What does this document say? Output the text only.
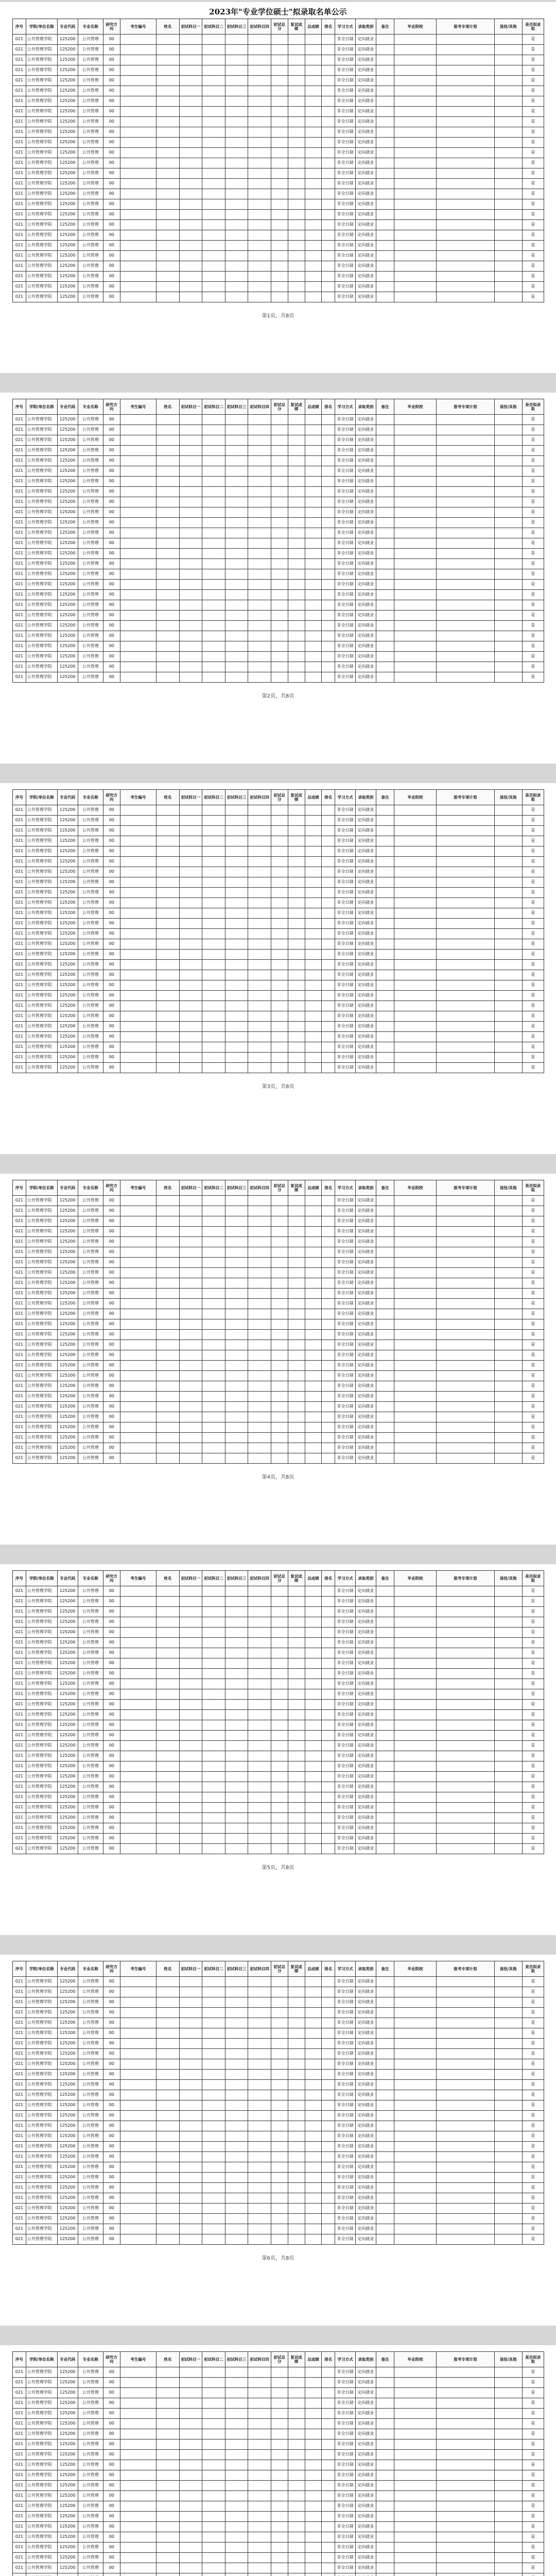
2023年"专业学位硕士"拟录取名单公示
序号	学院/单位名称	专业代码	专业名称	研究方向	考生编号	姓名	初试科目一	初试科目二	初试科目三	初试科目四	初试总分	复试成绩	总成绩	排名	学习方式	录取类别	备注	毕业院校	报考专项计划	退役/其他	是否拟录取
021	公共管理学院	125200	公共管理	00											非全日制	定向就业					是
021	公共管理学院	125200	公共管理	00											非全日制	定向就业					是
021	公共管理学院	125200	公共管理	00											非全日制	定向就业					是
021	公共管理学院	125200	公共管理	00											非全日制	定向就业					是
021	公共管理学院	125200	公共管理	00											非全日制	定向就业					是
021	公共管理学院	125200	公共管理	00											非全日制	定向就业					是
021	公共管理学院	125200	公共管理	00											非全日制	定向就业					是
021	公共管理学院	125200	公共管理	00											非全日制	定向就业					是
021	公共管理学院	125200	公共管理	00											非全日制	定向就业					是
021	公共管理学院	125200	公共管理	00											非全日制	定向就业					是
021	公共管理学院	125200	公共管理	00											非全日制	定向就业					是
021	公共管理学院	125200	公共管理	00											非全日制	定向就业					是
021	公共管理学院	125200	公共管理	00											非全日制	定向就业					是
021	公共管理学院	125200	公共管理	00											非全日制	定向就业					是
021	公共管理学院	125200	公共管理	00											非全日制	定向就业					是
021	公共管理学院	125200	公共管理	00											非全日制	定向就业					是
021	公共管理学院	125200	公共管理	00											非全日制	定向就业					是
021	公共管理学院	125200	公共管理	00											非全日制	定向就业					是
021	公共管理学院	125200	公共管理	00											非全日制	定向就业					是
021	公共管理学院	125200	公共管理	00											非全日制	定向就业					是
021	公共管理学院	125200	公共管理	00											非全日制	定向就业					是
021	公共管理学院	125200	公共管理	00											非全日制	定向就业					是
021	公共管理学院	125200	公共管理	00											非全日制	定向就业					是
021	公共管理学院	125200	公共管理	00											非全日制	定向就业					是
021	公共管理学院	125200	公共管理	00											非全日制	定向就业					是
021	公共管理学院	125200	公共管理	00											非全日制	定向就业					是
第1页，共8页
序号	学院/单位名称	专业代码	专业名称	研究方向	考生编号	姓名	初试科目一	初试科目二	初试科目三	初试科目四	初试总分	复试成绩	总成绩	排名	学习方式	录取类别	备注	毕业院校	报考专项计划	退役/其他	是否拟录取
021	公共管理学院	125200	公共管理	00											非全日制	定向就业					是
021	公共管理学院	125200	公共管理	00											非全日制	定向就业					是
021	公共管理学院	125200	公共管理	00											非全日制	定向就业					是
021	公共管理学院	125200	公共管理	00											非全日制	定向就业					是
021	公共管理学院	125200	公共管理	00											非全日制	定向就业					是
021	公共管理学院	125200	公共管理	00											非全日制	定向就业					是
021	公共管理学院	125200	公共管理	00											非全日制	定向就业					是
021	公共管理学院	125200	公共管理	00											非全日制	定向就业					是
021	公共管理学院	125200	公共管理	00											非全日制	定向就业					是
021	公共管理学院	125200	公共管理	00											非全日制	定向就业					是
021	公共管理学院	125200	公共管理	00											非全日制	定向就业					是
021	公共管理学院	125200	公共管理	00											非全日制	定向就业					是
021	公共管理学院	125200	公共管理	00											非全日制	定向就业					是
021	公共管理学院	125200	公共管理	00											非全日制	定向就业					是
021	公共管理学院	125200	公共管理	00											非全日制	定向就业					是
021	公共管理学院	125200	公共管理	00											非全日制	定向就业					是
021	公共管理学院	125200	公共管理	00											非全日制	定向就业					是
021	公共管理学院	125200	公共管理	00											非全日制	定向就业					是
021	公共管理学院	125200	公共管理	00											非全日制	定向就业					是
021	公共管理学院	125200	公共管理	00											非全日制	定向就业					是
021	公共管理学院	125200	公共管理	00											非全日制	定向就业					是
021	公共管理学院	125200	公共管理	00											非全日制	定向就业					是
021	公共管理学院	125200	公共管理	00											非全日制	定向就业					是
021	公共管理学院	125200	公共管理	00											非全日制	定向就业					是
021	公共管理学院	125200	公共管理	00											非全日制	定向就业					是
021	公共管理学院	125200	公共管理	00											非全日制	定向就业					是
第2页，共8页
序号	学院/单位名称	专业代码	专业名称	研究方向	考生编号	姓名	初试科目一	初试科目二	初试科目三	初试科目四	初试总分	复试成绩	总成绩	排名	学习方式	录取类别	备注	毕业院校	报考专项计划	退役/其他	是否拟录取
021	公共管理学院	125200	公共管理	00											非全日制	定向就业					是
021	公共管理学院	125200	公共管理	00											非全日制	定向就业					是
021	公共管理学院	125200	公共管理	00											非全日制	定向就业					是
021	公共管理学院	125200	公共管理	00											非全日制	定向就业					是
021	公共管理学院	125200	公共管理	00											非全日制	定向就业					是
021	公共管理学院	125200	公共管理	00											非全日制	定向就业					是
021	公共管理学院	125200	公共管理	00											非全日制	定向就业					是
021	公共管理学院	125200	公共管理	00											非全日制	定向就业					是
021	公共管理学院	125200	公共管理	00											非全日制	定向就业					是
021	公共管理学院	125200	公共管理	00											非全日制	定向就业					是
021	公共管理学院	125200	公共管理	00											非全日制	定向就业					是
021	公共管理学院	125200	公共管理	00											非全日制	定向就业					是
021	公共管理学院	125200	公共管理	00											非全日制	定向就业					是
021	公共管理学院	125200	公共管理	00											非全日制	定向就业					是
021	公共管理学院	125200	公共管理	00											非全日制	定向就业					是
021	公共管理学院	125200	公共管理	00											非全日制	定向就业					是
021	公共管理学院	125200	公共管理	00											非全日制	定向就业					是
021	公共管理学院	125200	公共管理	00											非全日制	定向就业					是
021	公共管理学院	125200	公共管理	00											非全日制	定向就业					是
021	公共管理学院	125200	公共管理	00											非全日制	定向就业					是
021	公共管理学院	125200	公共管理	00											非全日制	定向就业					是
021	公共管理学院	125200	公共管理	00											非全日制	定向就业					是
021	公共管理学院	125200	公共管理	00											非全日制	定向就业					是
021	公共管理学院	125200	公共管理	00											非全日制	定向就业					是
021	公共管理学院	125200	公共管理	00											非全日制	定向就业					是
021	公共管理学院	125200	公共管理	00											非全日制	定向就业					是
第3页，共8页
序号	学院/单位名称	专业代码	专业名称	研究方向	考生编号	姓名	初试科目一	初试科目二	初试科目三	初试科目四	初试总分	复试成绩	总成绩	排名	学习方式	录取类别	备注	毕业院校	报考专项计划	退役/其他	是否拟录取
021	公共管理学院	125200	公共管理	00											非全日制	定向就业					是
021	公共管理学院	125200	公共管理	00											非全日制	定向就业					是
021	公共管理学院	125200	公共管理	00											非全日制	定向就业					是
021	公共管理学院	125200	公共管理	00											非全日制	定向就业					是
021	公共管理学院	125200	公共管理	00											非全日制	定向就业					是
021	公共管理学院	125200	公共管理	00											非全日制	定向就业					是
021	公共管理学院	125200	公共管理	00											非全日制	定向就业					是
021	公共管理学院	125200	公共管理	00											非全日制	定向就业					是
021	公共管理学院	125200	公共管理	00											非全日制	定向就业					是
021	公共管理学院	125200	公共管理	00											非全日制	定向就业					是
021	公共管理学院	125200	公共管理	00											非全日制	定向就业					是
021	公共管理学院	125200	公共管理	00											非全日制	定向就业					是
021	公共管理学院	125200	公共管理	00											非全日制	定向就业					是
021	公共管理学院	125200	公共管理	00											非全日制	定向就业					是
021	公共管理学院	125200	公共管理	00											非全日制	定向就业					是
021	公共管理学院	125200	公共管理	00											非全日制	定向就业					是
021	公共管理学院	125200	公共管理	00											非全日制	定向就业					是
021	公共管理学院	125200	公共管理	00											非全日制	定向就业					是
021	公共管理学院	125200	公共管理	00											非全日制	定向就业					是
021	公共管理学院	125200	公共管理	00											非全日制	定向就业					是
021	公共管理学院	125200	公共管理	00											非全日制	定向就业					是
021	公共管理学院	125200	公共管理	00											非全日制	定向就业					是
021	公共管理学院	125200	公共管理	00											非全日制	定向就业					是
021	公共管理学院	125200	公共管理	00											非全日制	定向就业					是
021	公共管理学院	125200	公共管理	00											非全日制	定向就业					是
021	公共管理学院	125200	公共管理	00											非全日制	定向就业					是
第4页，共8页
序号	学院/单位名称	专业代码	专业名称	研究方向	考生编号	姓名	初试科目一	初试科目二	初试科目三	初试科目四	初试总分	复试成绩	总成绩	排名	学习方式	录取类别	备注	毕业院校	报考专项计划	退役/其他	是否拟录取
021	公共管理学院	125200	公共管理	00											非全日制	定向就业					是
021	公共管理学院	125200	公共管理	00											非全日制	定向就业					是
021	公共管理学院	125200	公共管理	00											非全日制	定向就业					是
021	公共管理学院	125200	公共管理	00											非全日制	定向就业					是
021	公共管理学院	125200	公共管理	00											非全日制	定向就业					是
021	公共管理学院	125200	公共管理	00											非全日制	定向就业					是
021	公共管理学院	125200	公共管理	00											非全日制	定向就业					是
021	公共管理学院	125200	公共管理	00											非全日制	定向就业					是
021	公共管理学院	125200	公共管理	00											非全日制	定向就业					是
021	公共管理学院	125200	公共管理	00											非全日制	定向就业					是
021	公共管理学院	125200	公共管理	00											非全日制	定向就业					是
021	公共管理学院	125200	公共管理	00											非全日制	定向就业					是
021	公共管理学院	125200	公共管理	00											非全日制	定向就业					是
021	公共管理学院	125200	公共管理	00											非全日制	定向就业					是
021	公共管理学院	125200	公共管理	00											非全日制	定向就业					是
021	公共管理学院	125200	公共管理	00											非全日制	定向就业					是
021	公共管理学院	125200	公共管理	00											非全日制	定向就业					是
021	公共管理学院	125200	公共管理	00											非全日制	定向就业					是
021	公共管理学院	125200	公共管理	00											非全日制	定向就业					是
021	公共管理学院	125200	公共管理	00											非全日制	定向就业					是
021	公共管理学院	125200	公共管理	00											非全日制	定向就业					是
021	公共管理学院	125200	公共管理	00											非全日制	定向就业					是
021	公共管理学院	125200	公共管理	00											非全日制	定向就业					是
021	公共管理学院	125200	公共管理	00											非全日制	定向就业					是
021	公共管理学院	125200	公共管理	00											非全日制	定向就业					是
021	公共管理学院	125200	公共管理	00											非全日制	定向就业					是
第5页，共8页
序号	学院/单位名称	专业代码	专业名称	研究方向	考生编号	姓名	初试科目一	初试科目二	初试科目三	初试科目四	初试总分	复试成绩	总成绩	排名	学习方式	录取类别	备注	毕业院校	报考专项计划	退役/其他	是否拟录取
021	公共管理学院	125200	公共管理	00											非全日制	定向就业					是
021	公共管理学院	125200	公共管理	00											非全日制	定向就业					是
021	公共管理学院	125200	公共管理	00											非全日制	定向就业					是
021	公共管理学院	125200	公共管理	00											非全日制	定向就业					是
021	公共管理学院	125200	公共管理	00											非全日制	定向就业					是
021	公共管理学院	125200	公共管理	00											非全日制	定向就业					是
021	公共管理学院	125200	公共管理	00											非全日制	定向就业					是
021	公共管理学院	125200	公共管理	00											非全日制	定向就业					是
021	公共管理学院	125200	公共管理	00											非全日制	定向就业					是
021	公共管理学院	125200	公共管理	00											非全日制	定向就业					是
021	公共管理学院	125200	公共管理	00											非全日制	定向就业					是
021	公共管理学院	125200	公共管理	00											非全日制	定向就业					是
021	公共管理学院	125200	公共管理	00											非全日制	定向就业					是
021	公共管理学院	125200	公共管理	00											非全日制	定向就业					是
021	公共管理学院	125200	公共管理	00											非全日制	定向就业					是
021	公共管理学院	125200	公共管理	00											非全日制	定向就业					是
021	公共管理学院	125200	公共管理	00											非全日制	定向就业					是
021	公共管理学院	125200	公共管理	00											非全日制	定向就业					是
021	公共管理学院	125200	公共管理	00											非全日制	定向就业					是
021	公共管理学院	125200	公共管理	00											非全日制	定向就业					是
021	公共管理学院	125200	公共管理	00											非全日制	定向就业					是
021	公共管理学院	125200	公共管理	00											非全日制	定向就业					是
021	公共管理学院	125200	公共管理	00											非全日制	定向就业					是
021	公共管理学院	125200	公共管理	00											非全日制	定向就业					是
021	公共管理学院	125200	公共管理	00											非全日制	定向就业					是
021	公共管理学院	125200	公共管理	00											非全日制	定向就业					是
第6页，共8页
序号	学院/单位名称	专业代码	专业名称	研究方向	考生编号	姓名	初试科目一	初试科目二	初试科目三	初试科目四	初试总分	复试成绩	总成绩	排名	学习方式	录取类别	备注	毕业院校	报考专项计划	退役/其他	是否拟录取
021	公共管理学院	125200	公共管理	00											非全日制	定向就业					是
021	公共管理学院	125200	公共管理	00											非全日制	定向就业					是
021	公共管理学院	125200	公共管理	00											非全日制	定向就业					是
021	公共管理学院	125200	公共管理	00											非全日制	定向就业					是
021	公共管理学院	125200	公共管理	00											非全日制	定向就业					是
021	公共管理学院	125200	公共管理	00											非全日制	定向就业					是
021	公共管理学院	125200	公共管理	00											非全日制	定向就业					是
021	公共管理学院	125200	公共管理	00											非全日制	定向就业					是
021	公共管理学院	125200	公共管理	00											非全日制	定向就业					是
021	公共管理学院	125200	公共管理	00											非全日制	定向就业					是
021	公共管理学院	125200	公共管理	00											非全日制	定向就业					是
021	公共管理学院	125200	公共管理	00											非全日制	定向就业					是
021	公共管理学院	125200	公共管理	00											非全日制	定向就业					是
021	公共管理学院	125200	公共管理	00											非全日制	定向就业					是
021	公共管理学院	125200	公共管理	00											非全日制	定向就业					是
021	公共管理学院	125200	公共管理	00											非全日制	定向就业					是
021	公共管理学院	125200	公共管理	00											非全日制	定向就业					是
021	公共管理学院	125200	公共管理	00											非全日制	定向就业					是
021	公共管理学院	125200	公共管理	00											非全日制	定向就业					是
021	公共管理学院	125200	公共管理	00											非全日制	定向就业					是
